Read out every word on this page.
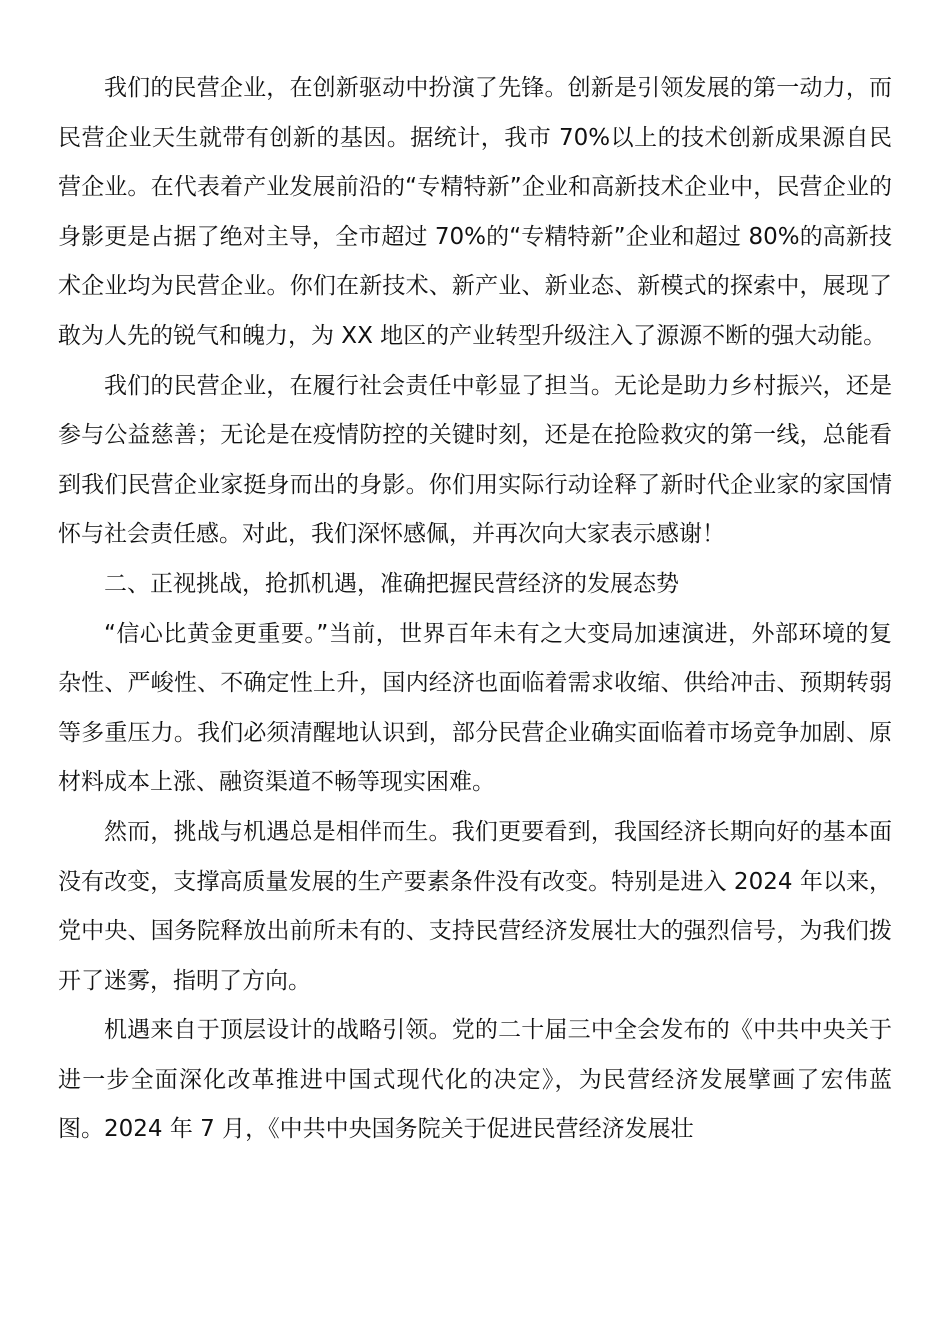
我们的民营企业，在创新驱动中扮演了先锋。创新是引领发展的第一动力，而民营企业天生就带有创新的基因。据统计，我市 70%以上的技术创新成果源自民营企业。在代表着产业发展前沿的“专精特新”企业和高新技术企业中，民营企业的身影更是占据了绝对主导，全市超过 70%的“专精特新”企业和超过 80%的高新技术企业均为民营企业。你们在新技术、新产业、新业态、新模式的探索中，展现了敢为人先的锐气和魄力，为 XX 地区的产业转型升级注入了源源不断的强大动能。

我们的民营企业，在履行社会责任中彰显了担当。无论是助力乡村振兴，还是参与公益慈善；无论是在疫情防控的关键时刻，还是在抢险救灾的第一线，总能看到我们民营企业家挺身而出的身影。你们用实际行动诠释了新时代企业家的家国情怀与社会责任感。对此，我们深怀感佩，并再次向大家表示感谢！

二、正视挑战，抢抓机遇，准确把握民营经济的发展态势

“信心比黄金更重要。”当前，世界百年未有之大变局加速演进，外部环境的复杂性、严峻性、不确定性上升，国内经济也面临着需求收缩、供给冲击、预期转弱等多重压力。我们必须清醒地认识到，部分民营企业确实面临着市场竞争加剧、原材料成本上涨、融资渠道不畅等现实困难。

然而，挑战与机遇总是相伴而生。我们更要看到，我国经济长期向好的基本面没有改变，支撑高质量发展的生产要素条件没有改变。特别是进入 2024 年以来，党中央、国务院释放出前所未有的、支持民营经济发展壮大的强烈信号，为我们拨开了迷雾，指明了方向。

机遇来自于顶层设计的战略引领。党的二十届三中全会发布的《中共中央关于进一步全面深化改革推进中国式现代化的决定》，为民营经济发展擘画了宏伟蓝图。2024 年 7 月，《中共中央国务院关于促进民营经济发展壮
